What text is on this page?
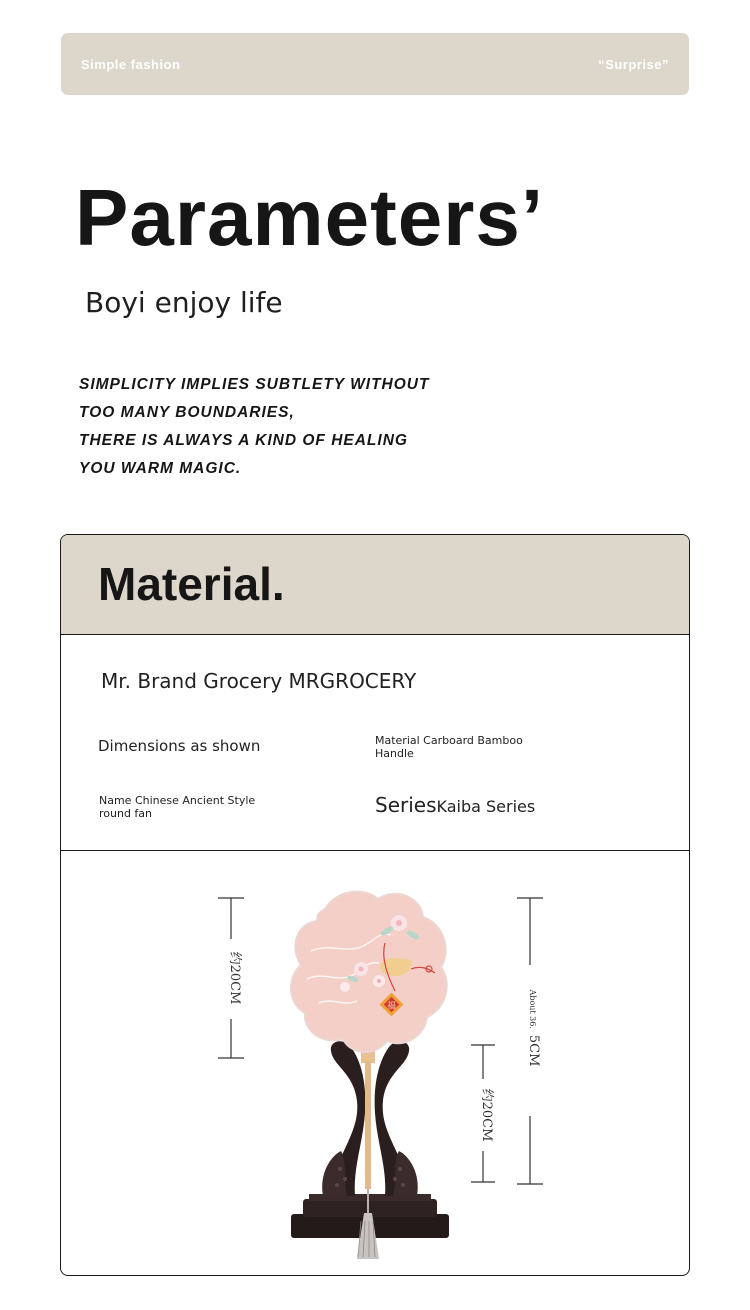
Simple fashion	“Surprise”
Parameters’
Boyi enjoy life
SIMPLICITY IMPLIES SUBTLETY WITHOUT
TOO MANY BOUNDARIES,
THERE IS ALWAYS A KIND OF HEALING
YOU WARM MAGIC.
Material.
Mr. Brand Grocery MRGROCERY
Dimensions as shown	Material Carboard Bamboo
Handle
Name Chinese Ancient Style
round fan	SeriesKaiba Series
约20CM
About 36.5CM
约20CM
福
